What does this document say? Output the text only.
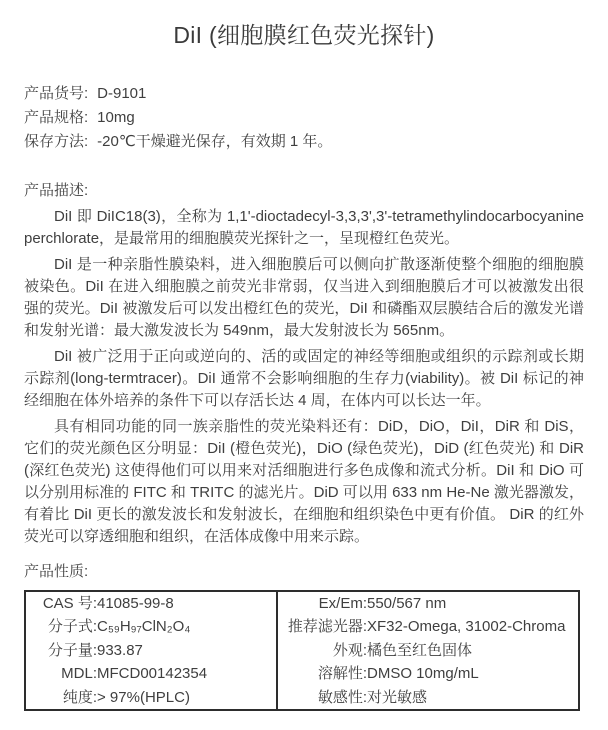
DiI (细胞膜红色荧光探针)
产品货号: D-9101
产品规格: 10mg
保存方法: -20℃干燥避光保存，有效期 1 年。
产品描述:

DiI 即 DiIC18(3)，全称为 1,1'-dioctadecyl-3,3,3',3'-tetramethylindocarbocyanine perchlorate，是最常用的细胞膜荧光探针之一，呈现橙红色荧光。

DiI 是一种亲脂性膜染料，进入细胞膜后可以侧向扩散逐渐使整个细胞的细胞膜被染色。DiI 在进入细胞膜之前荧光非常弱，仅当进入到细胞膜后才可以被激发出很强的荧光。DiI 被激发后可以发出橙红色的荧光，DiI 和磷酯双层膜结合后的激发光谱和发射光谱：最大激发波长为 549nm，最大发射波长为 565nm。

DiI 被广泛用于正向或逆向的、活的或固定的神经等细胞或组织的示踪剂或长期示踪剂(long-termtracer)。DiI 通常不会影响细胞的生存力(viability)。被 DiI 标记的神经细胞在体外培养的条件下可以存活长达 4 周，在体内可以长达一年。

具有相同功能的同一族亲脂性的荧光染料还有：DiD，DiO，DiI，DiR 和 DiS，它们的荧光颜色区分明显：DiI (橙色荧光)，DiO (绿色荧光)，DiD (红色荧光) 和 DiR (深红色荧光) 这使得他们可以用来对活细胞进行多色成像和流式分析。DiI 和 DiO 可以分别用标准的 FITC 和 TRITC 的滤光片。DiD 可以用 633 nm He-Ne 激光器激发，有着比 DiI 更长的激发波长和发射波长，在细胞和组织染色中更有价值。 DiR 的红外荧光可以穿透细胞和组织，在活体成像中用来示踪。

产品性质:
CAS 号:	41085-99-8	Ex/Em:	550/567 nm
分子式:	C₅₉H₉₇ClN₂O₄	推荐滤光器:	XF32-Omega, 31002-Chroma
分子量:	933.87	外观:	橘色至红色固体
MDL:	MFCD00142354	溶解性:	DMSO 10mg/mL
纯度:	> 97%(HPLC)	敏感性:	对光敏感
